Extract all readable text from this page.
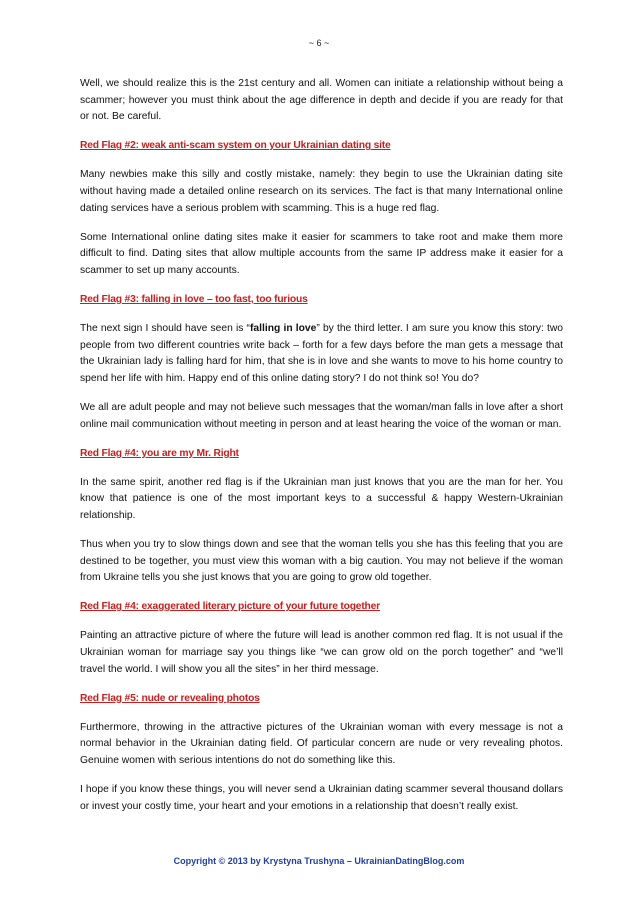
~ 6 ~

Well, we should realize this is the 21st century and all. Women can initiate a relationship without being a scammer; however you must think about the age difference in depth and decide if you are ready for that or not. Be careful.

Red Flag #2: weak anti-scam system on your Ukrainian dating site

Many newbies make this silly and costly mistake, namely: they begin to use the Ukrainian dating site without having made a detailed online research on its services. The fact is that many International online dating services have a serious problem with scamming. This is a huge red flag.

Some International online dating sites make it easier for scammers to take root and make them more difficult to find. Dating sites that allow multiple accounts from the same IP address make it easier for a scammer to set up many accounts.

Red Flag #3: falling in love – too fast, too furious

The next sign I should have seen is “falling in love” by the third letter. I am sure you know this story: two people from two different countries write back – forth for a few days before the man gets a message that the Ukrainian lady is falling hard for him, that she is in love and she wants to move to his home country to spend her life with him. Happy end of this online dating story? I do not think so! You do?

We all are adult people and may not believe such messages that the woman/man falls in love after a short online mail communication without meeting in person and at least hearing the voice of the woman or man.

Red Flag #4: you are my Mr. Right

In the same spirit, another red flag is if the Ukrainian man just knows that you are the man for her. You know that patience is one of the most important keys to a successful & happy Western-Ukrainian relationship.

Thus when you try to slow things down and see that the woman tells you she has this feeling that you are destined to be together, you must view this woman with a big caution. You may not believe if the woman from Ukraine tells you she just knows that you are going to grow old together.

Red Flag #4: exaggerated literary picture of your future together

Painting an attractive picture of where the future will lead is another common red flag. It is not usual if the Ukrainian woman for marriage say you things like “we can grow old on the porch together” and “we’ll travel the world. I will show you all the sites” in her third message.

Red Flag #5: nude or revealing photos

Furthermore, throwing in the attractive pictures of the Ukrainian woman with every message is not a normal behavior in the Ukrainian dating field. Of particular concern are nude or very revealing photos. Genuine women with serious intentions do not do something like this.

I hope if you know these things, you will never send a Ukrainian dating scammer several thousand dollars or invest your costly time, your heart and your emotions in a relationship that doesn’t really exist.

Copyright © 2013 by Krystyna Trushyna – UkrainianDatingBlog.com
